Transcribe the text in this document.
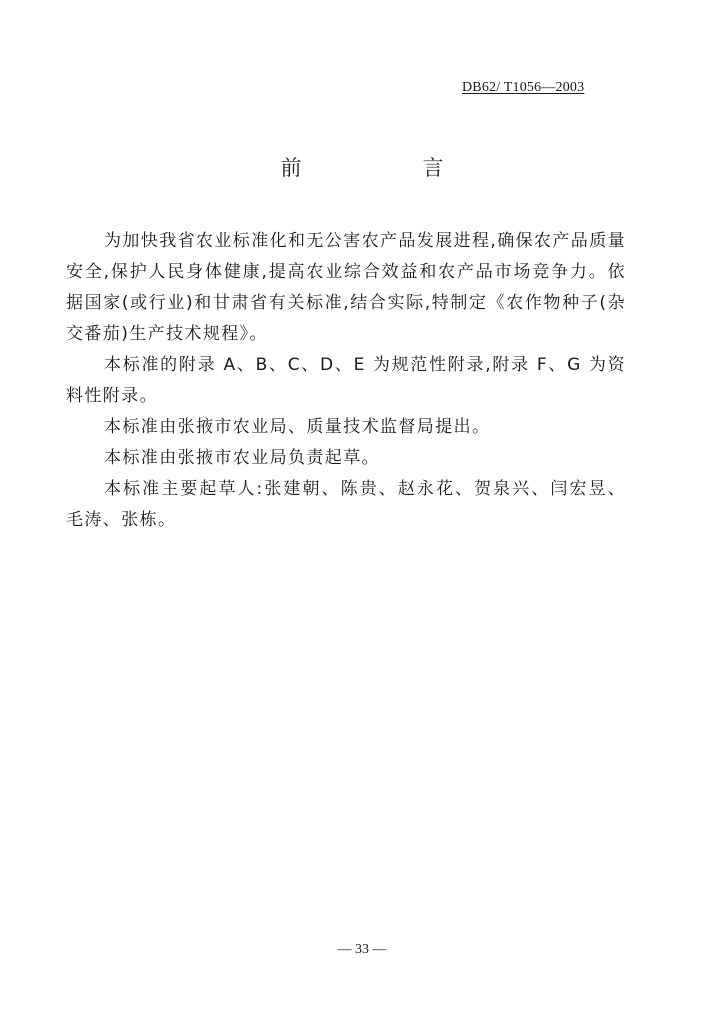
DB62/ T1056—2003
前　言

为加快我省农业标准化和无公害农产品发展进程,确保农产品质量安全,保护人民身体健康,提高农业综合效益和农产品市场竞争力。依据国家(或行业)和甘肃省有关标准,结合实际,特制定《农作物种子(杂交番茄)生产技术规程》。

本标准的附录 A、B、C、D、E 为规范性附录,附录 F、G 为资料性附录。

本标准由张掖市农业局、质量技术监督局提出。

本标准由张掖市农业局负责起草。

本标准主要起草人:张建朝、陈贵、赵永花、贺泉兴、闫宏昱、毛涛、张栋。

— 33 —
